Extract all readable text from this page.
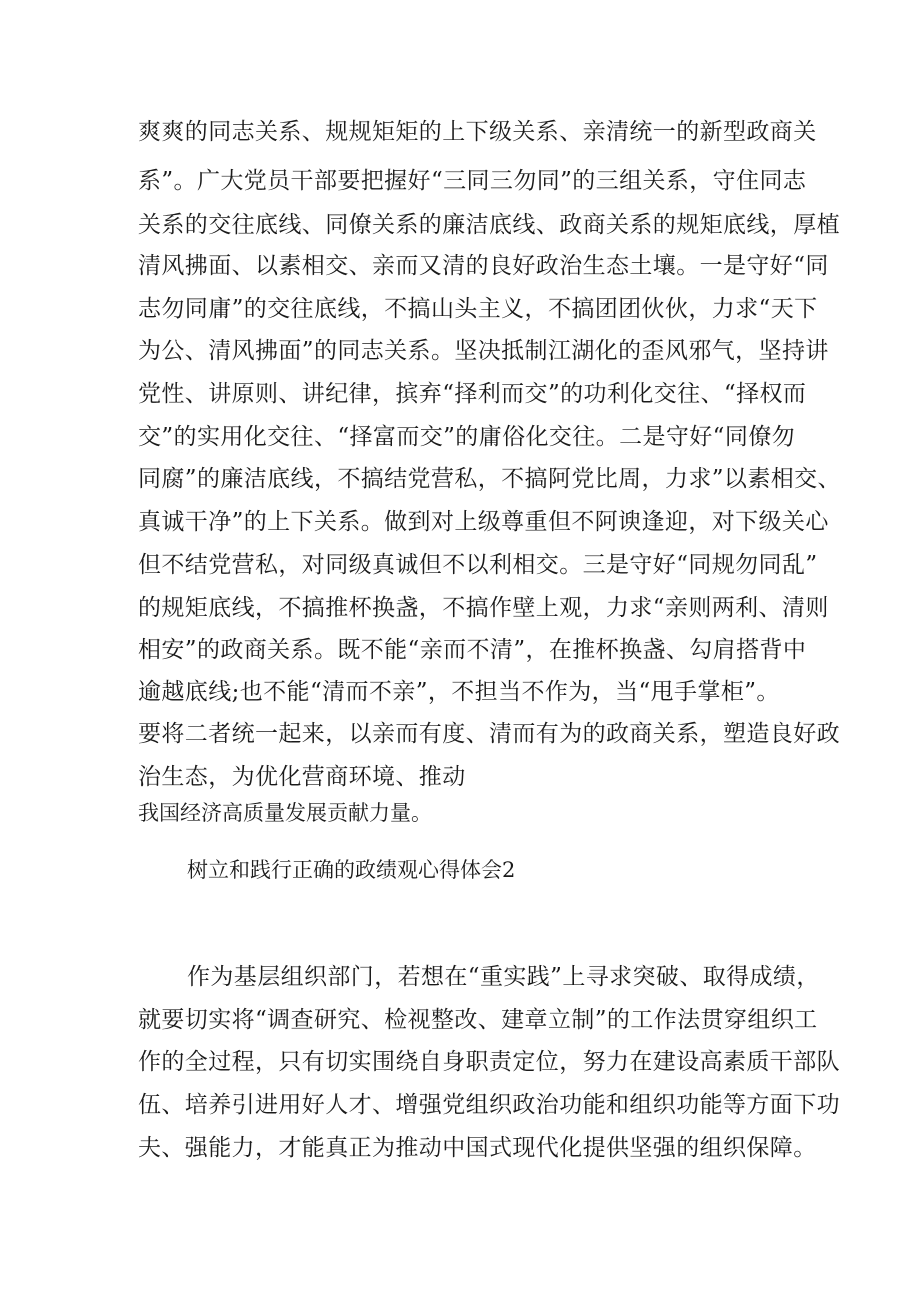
爽爽的同志关系、规规矩矩的上下级关系、亲清统一的新型政商关

系”。广大党员干部要把握好“三同三勿同”的三组关系，守住同志

关系的交往底线、同僚关系的廉洁底线、政商关系的规矩底线，厚植

清风拂面、以素相交、亲而又清的良好政治生态土壤。一是守好“同

志勿同庸”的交往底线，不搞山头主义，不搞团团伙伙，力求“天下

为公、清风拂面”的同志关系。坚决抵制江湖化的歪风邪气，坚持讲

党性、讲原则、讲纪律，摈弃“择利而交”的功利化交往、“择权而

交”的实用化交往、“择富而交”的庸俗化交往。二是守好“同僚勿

同腐”的廉洁底线，不搞结党营私，不搞阿党比周，力求”以素相交、

真诚干净”的上下关系。做到对上级尊重但不阿谀逢迎，对下级关心

但不结党营私，对同级真诚但不以利相交。三是守好“同规勿同乱”

的规矩底线，不搞推杯换盏，不搞作壁上观，力求“亲则两利、清则

相安”的政商关系。既不能“亲而不清”，在推杯换盏、勾肩搭背中

逾越底线;也不能“清而不亲”，不担当不作为，当“甩手掌柜”。

要将二者统一起来，以亲而有度、清而有为的政商关系，塑造良好政

治生态，为优化营商环境、推动

我国经济高质量发展贡献力量。

树立和践行正确的政绩观心得体会2

作为基层组织部门，若想在“重实践”上寻求突破、取得成绩，

就要切实将“调查研究、检视整改、建章立制”的工作法贯穿组织工

作的全过程，只有切实围绕自身职责定位，努力在建设高素质干部队

伍、培养引进用好人才、增强党组织政治功能和组织功能等方面下功

夫、强能力，才能真正为推动中国式现代化提供坚强的组织保障。
